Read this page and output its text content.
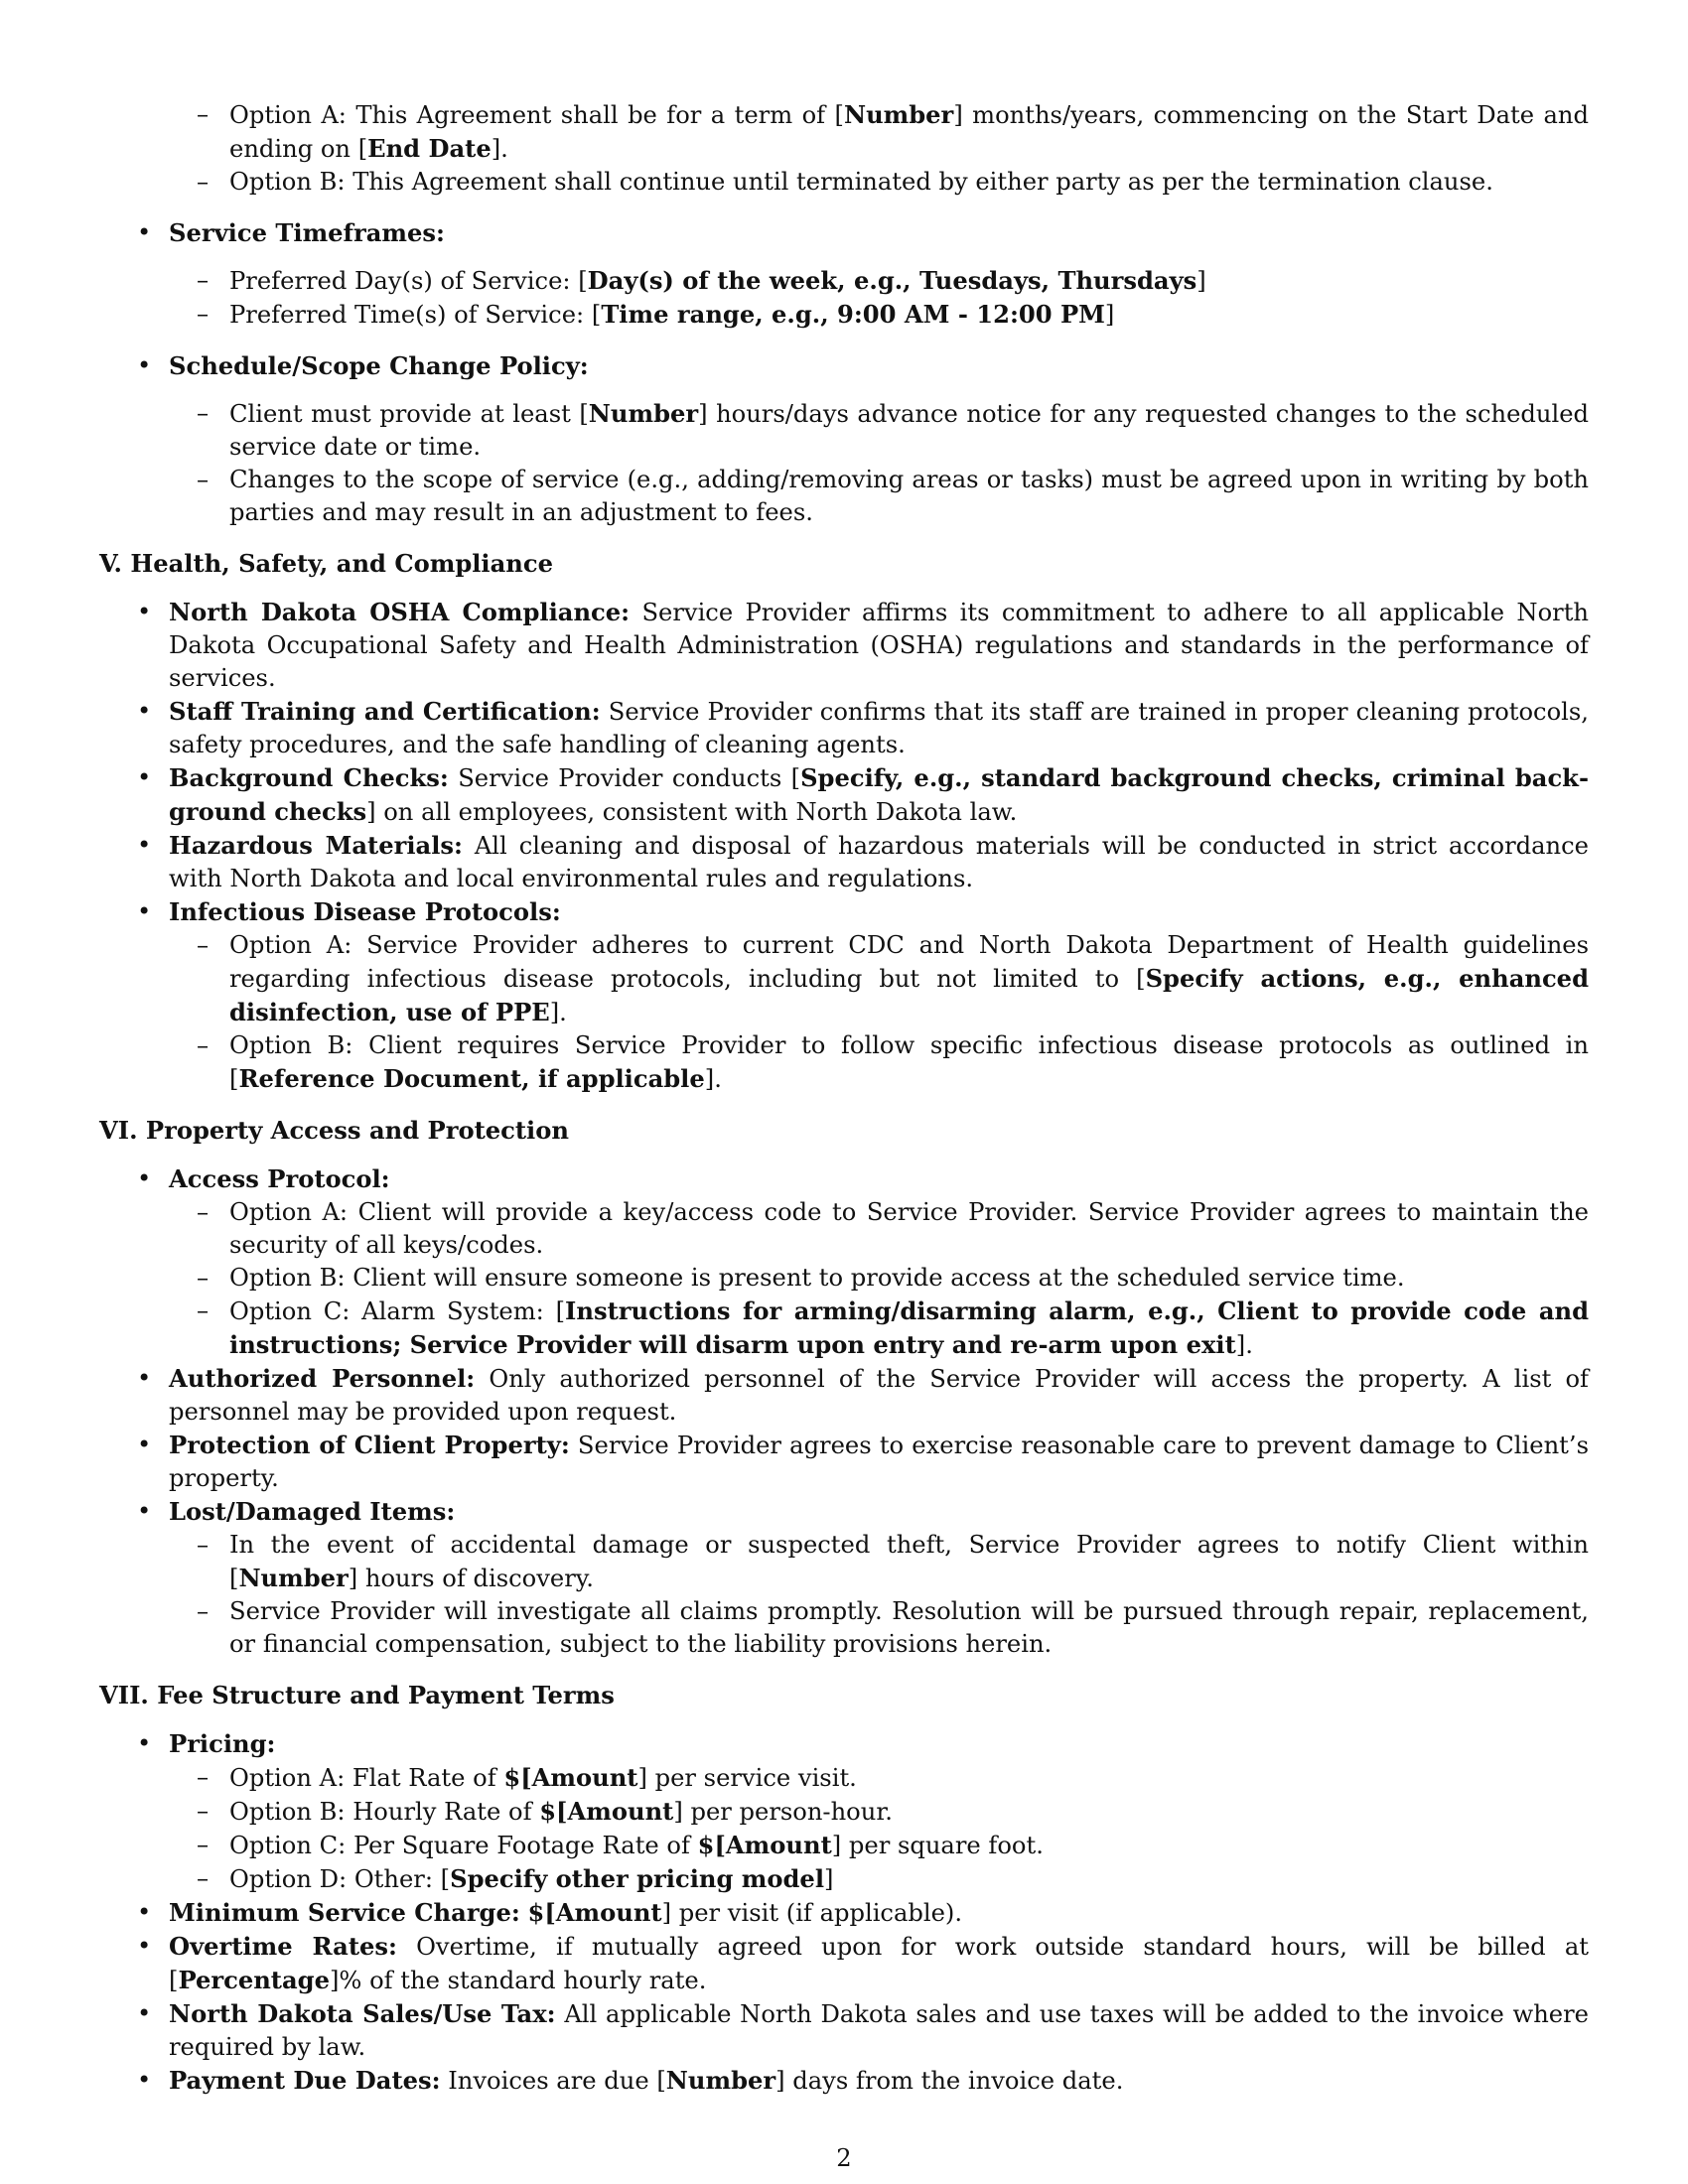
– Option A: This Agreement shall be for a term of [Number] months/years, commencing on the Start Date and ending on [End Date].
– Option B: This Agreement shall continue until terminated by either party as per the termination clause.
• Service Timeframes:
– Preferred Day(s) of Service: [Day(s) of the week, e.g., Tuesdays, Thursdays]
– Preferred Time(s) of Service: [Time range, e.g., 9:00 AM - 12:00 PM]
• Schedule/Scope Change Policy:
– Client must provide at least [Number] hours/days advance notice for any requested changes to the scheduled service date or time.
– Changes to the scope of service (e.g., adding/removing areas or tasks) must be agreed upon in writing by both parties and may result in an adjustment to fees.
V. Health, Safety, and Compliance
• North Dakota OSHA Compliance: Service Provider affirms its commitment to adhere to all applicable North Dakota Occupational Safety and Health Administration (OSHA) regulations and standards in the performance of services.
• Staff Training and Certification: Service Provider confirms that its staff are trained in proper cleaning protocols, safety procedures, and the safe handling of cleaning agents.
• Background Checks: Service Provider conducts [Specify, e.g., standard background checks, criminal background checks] on all employees, consistent with North Dakota law.
• Hazardous Materials: All cleaning and disposal of hazardous materials will be conducted in strict accordance with North Dakota and local environmental rules and regulations.
• Infectious Disease Protocols:
– Option A: Service Provider adheres to current CDC and North Dakota Department of Health guidelines regarding infectious disease protocols, including but not limited to [Specify actions, e.g., enhanced disinfection, use of PPE].
– Option B: Client requires Service Provider to follow specific infectious disease protocols as outlined in [Reference Document, if applicable].
VI. Property Access and Protection
• Access Protocol:
– Option A: Client will provide a key/access code to Service Provider. Service Provider agrees to maintain the security of all keys/codes.
– Option B: Client will ensure someone is present to provide access at the scheduled service time.
– Option C: Alarm System: [Instructions for arming/disarming alarm, e.g., Client to provide code and instructions; Service Provider will disarm upon entry and re-arm upon exit].
• Authorized Personnel: Only authorized personnel of the Service Provider will access the property. A list of personnel may be provided upon request.
• Protection of Client Property: Service Provider agrees to exercise reasonable care to prevent damage to Client’s property.
• Lost/Damaged Items:
– In the event of accidental damage or suspected theft, Service Provider agrees to notify Client within [Number] hours of discovery.
– Service Provider will investigate all claims promptly. Resolution will be pursued through repair, replacement, or financial compensation, subject to the liability provisions herein.
VII. Fee Structure and Payment Terms
• Pricing:
– Option A: Flat Rate of $[Amount] per service visit.
– Option B: Hourly Rate of $[Amount] per person-hour.
– Option C: Per Square Footage Rate of $[Amount] per square foot.
– Option D: Other: [Specify other pricing model]
• Minimum Service Charge: $[Amount] per visit (if applicable).
• Overtime Rates: Overtime, if mutually agreed upon for work outside standard hours, will be billed at [Percentage]% of the standard hourly rate.
• North Dakota Sales/Use Tax: All applicable North Dakota sales and use taxes will be added to the invoice where required by law.
• Payment Due Dates: Invoices are due [Number] days from the invoice date.
2
